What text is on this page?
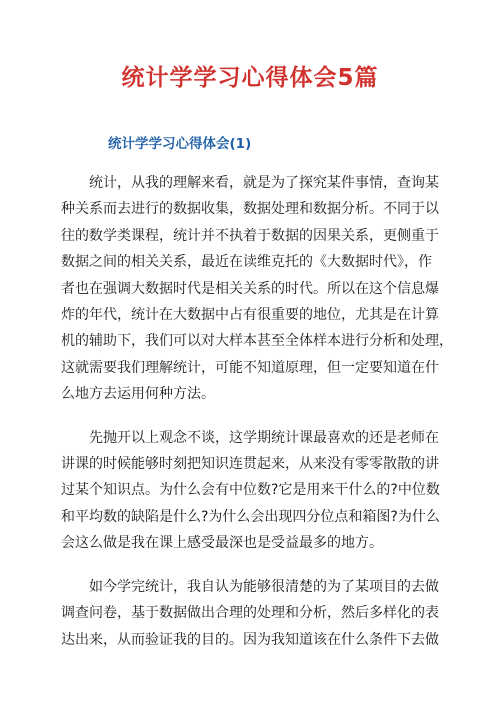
统计学学习心得体会5篇
统计学学习心得体会(1)

统计，从我的理解来看，就是为了探究某件事情，查询某
种关系而去进行的数据收集，数据处理和数据分析。不同于以
往的数学类课程，统计并不执着于数据的因果关系，更侧重于
数据之间的相关关系，最近在读维克托的《大数据时代》，作
者也在强调大数据时代是相关关系的时代。所以在这个信息爆
炸的年代，统计在大数据中占有很重要的地位，尤其是在计算
机的辅助下，我们可以对大样本甚至全体样本进行分析和处理，
这就需要我们理解统计，可能不知道原理，但一定要知道在什
么地方去运用何种方法。

先抛开以上观念不谈，这学期统计课最喜欢的还是老师在
讲课的时候能够时刻把知识连贯起来，从来没有零零散散的讲
过某个知识点。为什么会有中位数?它是用来干什么的?中位数
和平均数的缺陷是什么?为什么会出现四分位点和箱图?为什么
会这么做是我在课上感受最深也是受益最多的地方。

如今学完统计，我自认为能够很清楚的为了某项目的去做
调查问卷，基于数据做出合理的处理和分析，然后多样化的表
达出来，从而验证我的目的。因为我知道该在什么条件下去做
